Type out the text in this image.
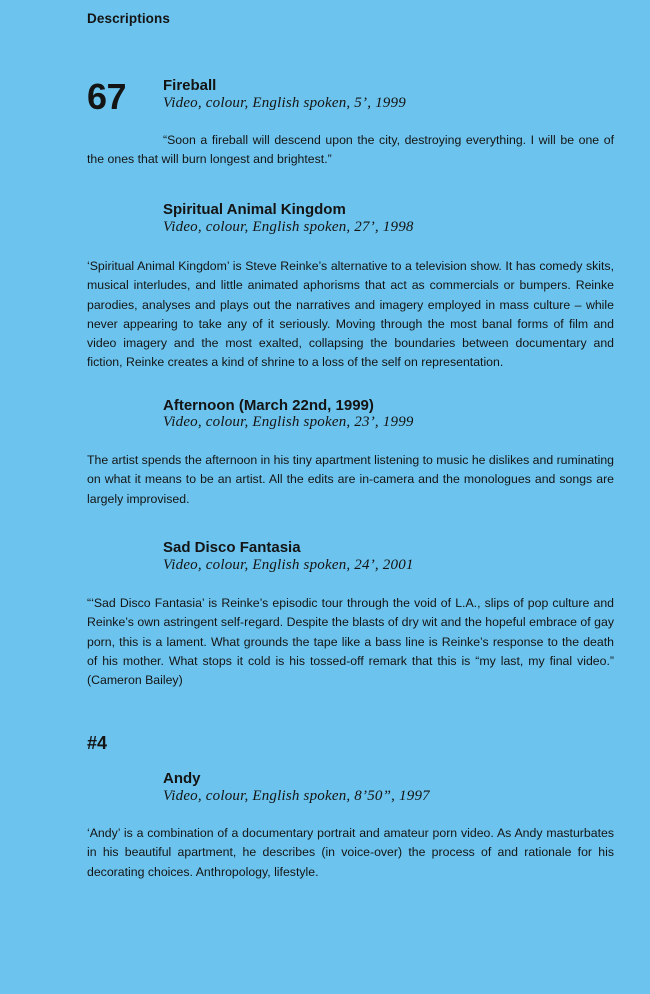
Descriptions
67 Fireball
Video, colour, English spoken, 5’, 1999

“Soon a fireball will descend upon the city, destroying everything. I will be one of the ones that will burn longest and brightest.”

Spiritual Animal Kingdom
Video, colour, English spoken, 27’, 1998

‘Spiritual Animal Kingdom’ is Steve Reinke’s alternative to a television show. It has comedy skits, musical interludes, and little animated aphorisms that act as commercials or bumpers. Reinke parodies, analyses and plays out the narratives and imagery employed in mass culture – while never appearing to take any of it seriously. Moving through the most banal forms of film and video imagery and the most exalted, collapsing the boundaries between documentary and fiction, Reinke creates a kind of shrine to a loss of the self on representation.

Afternoon (March 22nd, 1999)
Video, colour, English spoken, 23’, 1999

The artist spends the afternoon in his tiny apartment listening to music he dislikes and ruminating on what it means to be an artist. All the edits are in-camera and the monologues and songs are largely improvised.

Sad Disco Fantasia
Video, colour, English spoken, 24’, 2001

“‘Sad Disco Fantasia’ is Reinke’s episodic tour through the void of L.A., slips of pop culture and Reinke’s own astringent self-regard. Despite the blasts of dry wit and the hopeful embrace of gay porn, this is a lament. What grounds the tape like a bass line is Reinke’s response to the death of his mother. What stops it cold is his tossed-off remark that this is “my last, my final video.” (Cameron Bailey)

#4
Andy
Video, colour, English spoken, 8’50”, 1997

‘Andy’ is a combination of a documentary portrait and amateur porn video. As Andy masturbates in his beautiful apartment, he describes (in voice-over) the process of and rationale for his decorating choices. Anthropology, lifestyle.
